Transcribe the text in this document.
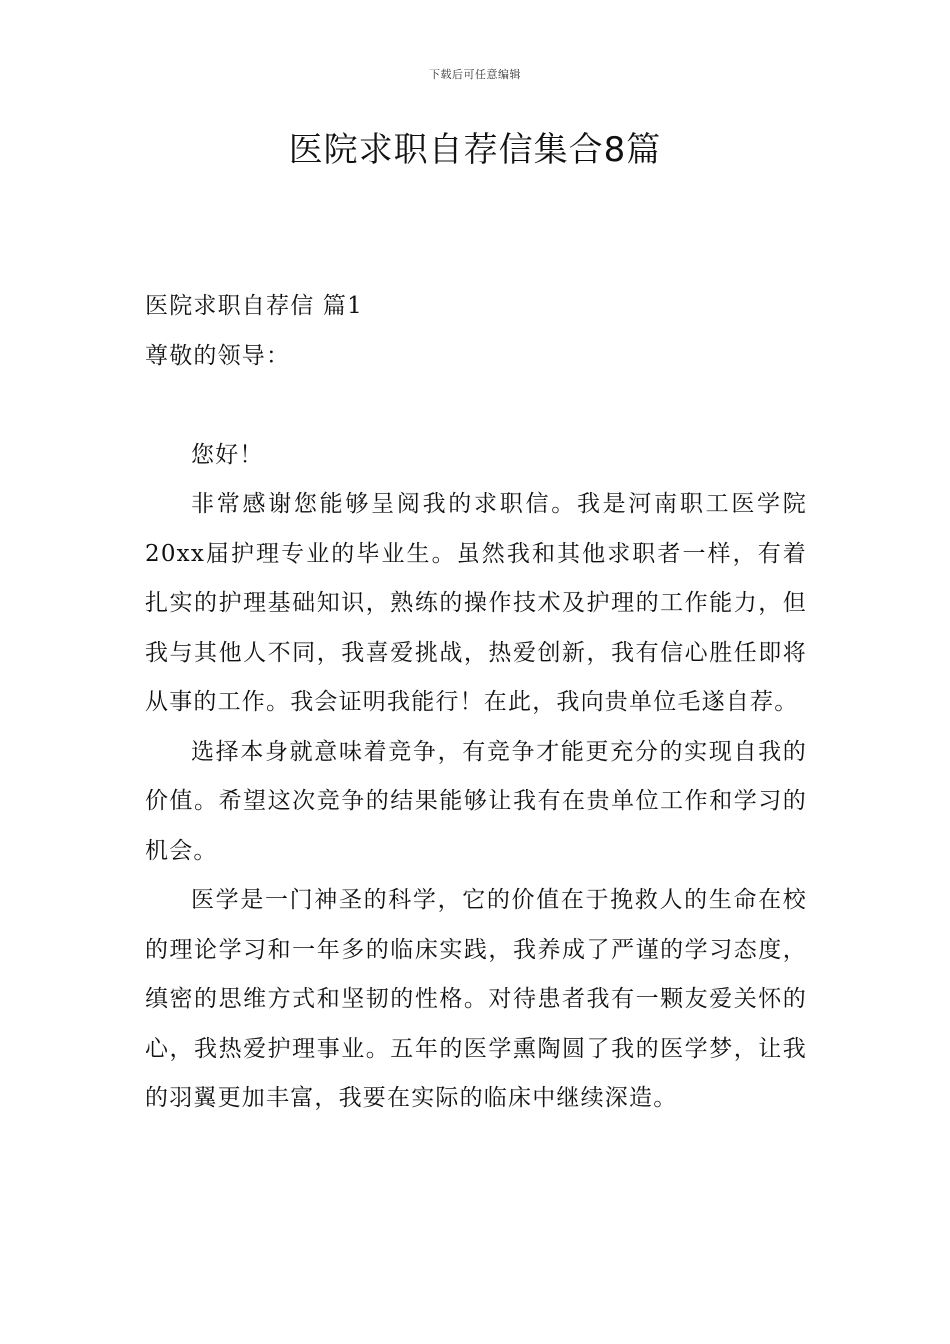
下载后可任意编辑
医院求职自荐信集合8篇

医院求职自荐信 篇1

尊敬的领导：

您好！

非常感谢您能够呈阅我的求职信。我是河南职工医学院20xx届护理专业的毕业生。虽然我和其他求职者一样，有着扎实的护理基础知识，熟练的操作技术及护理的工作能力，但我与其他人不同，我喜爱挑战，热爱创新，我有信心胜任即将从事的工作。我会证明我能行！在此，我向贵单位毛遂自荐。

选择本身就意味着竞争，有竞争才能更充分的实现自我的价值。希望这次竞争的结果能够让我有在贵单位工作和学习的机会。

医学是一门神圣的科学，它的价值在于挽救人的生命在校的理论学习和一年多的临床实践，我养成了严谨的学习态度，缜密的思维方式和坚韧的性格。对待患者我有一颗友爱关怀的心，我热爱护理事业。五年的医学熏陶圆了我的医学梦，让我的羽翼更加丰富，我要在实际的临床中继续深造。
